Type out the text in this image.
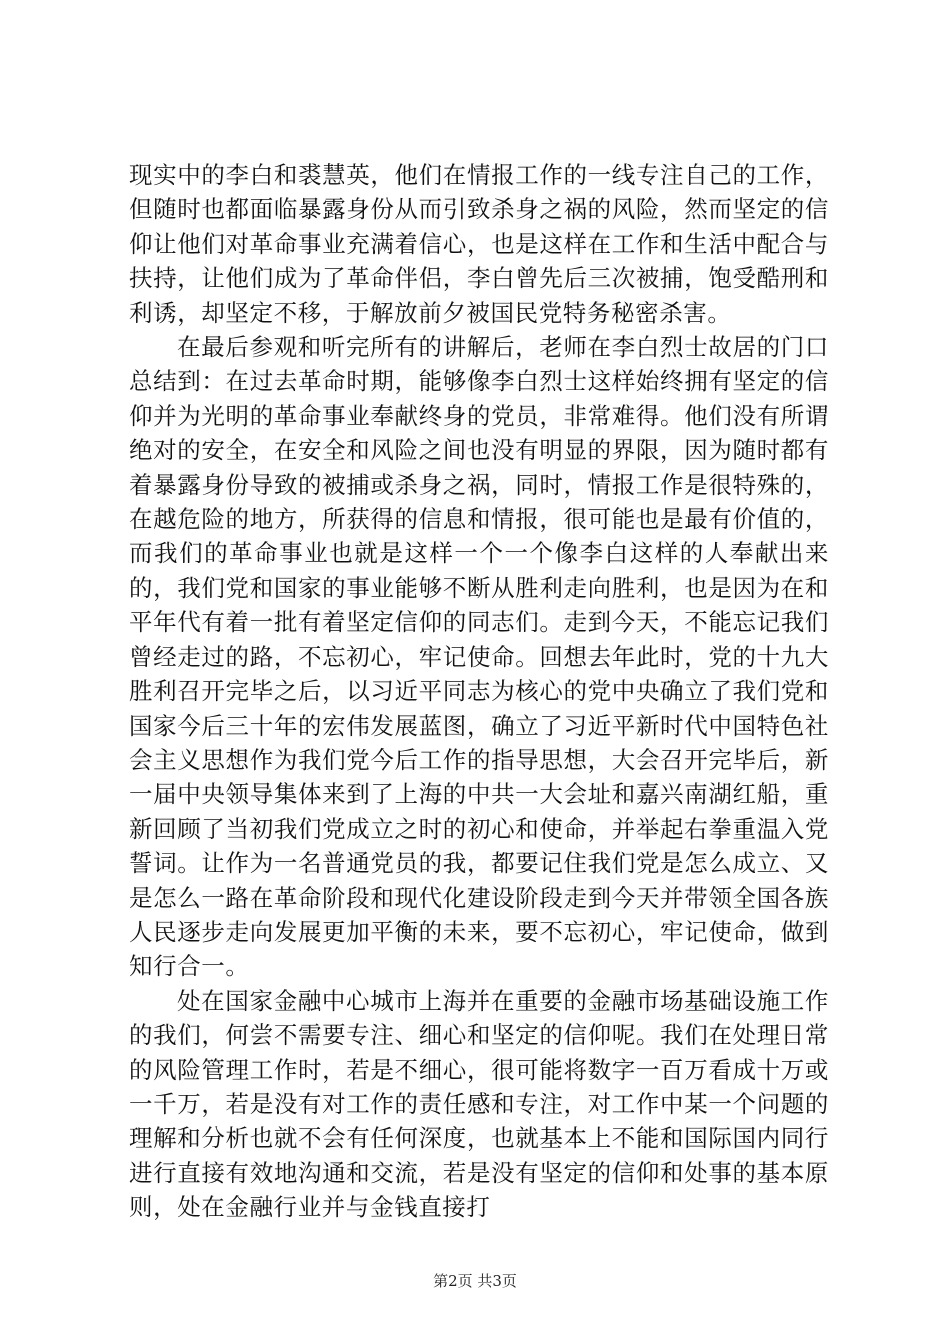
现实中的李白和裘慧英，他们在情报工作的一线专注自己的工作，但随时也都面临暴露身份从而引致杀身之祸的风险，然而坚定的信仰让他们对革命事业充满着信心，也是这样在工作和生活中配合与扶持，让他们成为了革命伴侣，李白曾先后三次被捕，饱受酷刑和利诱，却坚定不移，于解放前夕被国民党特务秘密杀害。

在最后参观和听完所有的讲解后，老师在李白烈士故居的门口总结到：在过去革命时期，能够像李白烈士这样始终拥有坚定的信仰并为光明的革命事业奉献终身的党员，非常难得。他们没有所谓绝对的安全，在安全和风险之间也没有明显的界限，因为随时都有着暴露身份导致的被捕或杀身之祸，同时，情报工作是很特殊的，在越危险的地方，所获得的信息和情报，很可能也是最有价值的，而我们的革命事业也就是这样一个一个像李白这样的人奉献出来的，我们党和国家的事业能够不断从胜利走向胜利，也是因为在和平年代有着一批有着坚定信仰的同志们。走到今天，不能忘记我们曾经走过的路，不忘初心，牢记使命。回想去年此时，党的十九大胜利召开完毕之后，以习近平同志为核心的党中央确立了我们党和国家今后三十年的宏伟发展蓝图，确立了习近平新时代中国特色社会主义思想作为我们党今后工作的指导思想，大会召开完毕后，新一届中央领导集体来到了上海的中共一大会址和嘉兴南湖红船，重新回顾了当初我们党成立之时的初心和使命，并举起右拳重温入党誓词。让作为一名普通党员的我，都要记住我们党是怎么成立、又是怎么一路在革命阶段和现代化建设阶段走到今天并带领全国各族人民逐步走向发展更加平衡的未来，要不忘初心，牢记使命，做到知行合一。

处在国家金融中心城市上海并在重要的金融市场基础设施工作的我们，何尝不需要专注、细心和坚定的信仰呢。我们在处理日常的风险管理工作时，若是不细心，很可能将数字一百万看成十万或一千万，若是没有对工作的责任感和专注，对工作中某一个问题的理解和分析也就不会有任何深度，也就基本上不能和国际国内同行进行直接有效地沟通和交流，若是没有坚定的信仰和处事的基本原则，处在金融行业并与金钱直接打

第2页 共3页
